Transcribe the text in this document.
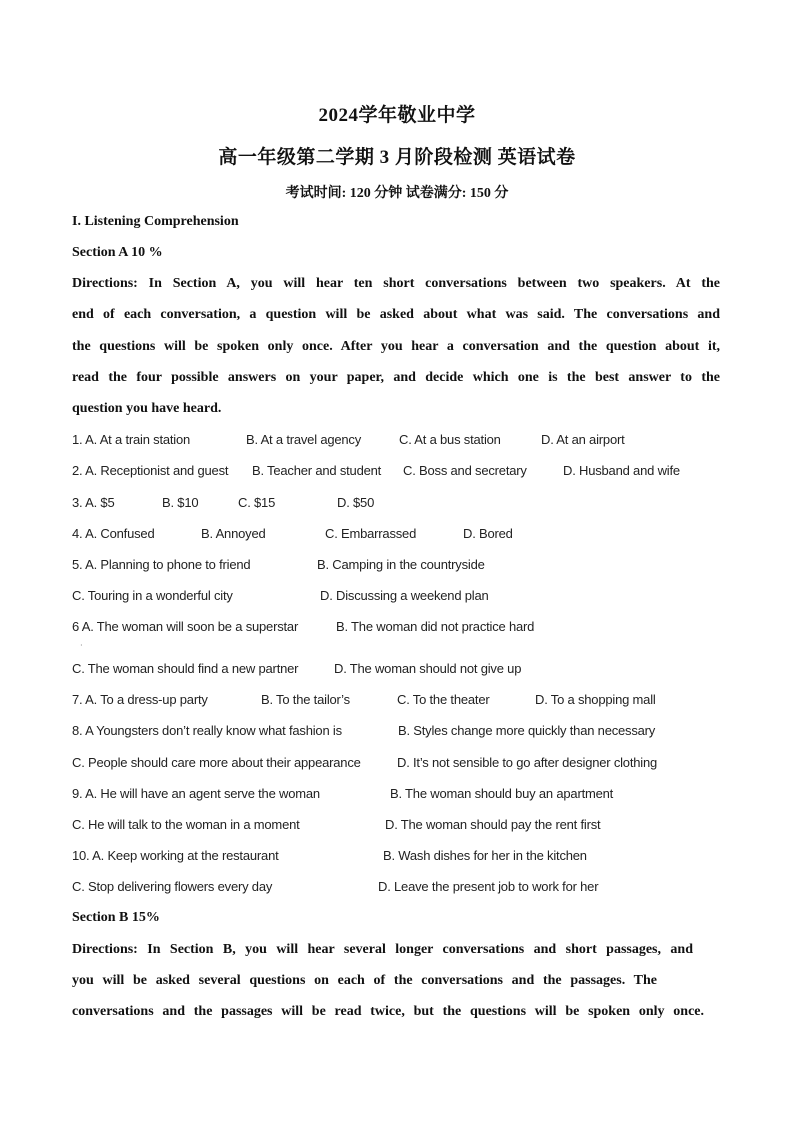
2024学年敬业中学
高一年级第二学期 3 月阶段检测 英语试卷
考试时间: 120 分钟 试卷满分: 150 分
I. Listening Comprehension
Section A 10 %
Directions: In Section A, you will hear ten short conversations between two speakers. At the
end of each conversation, a question will be asked about what was said. The conversations and
the questions will be spoken only once. After you hear a conversation and the question about it,
read the four possible answers on your paper, and decide which one is the best answer to the
question you have heard.
1. A. At a train station	B. At a travel agency	C. At a bus station	D. At an airport
2. A. Receptionist and guest B. Teacher and student C. Boss and secretary	D. Husband and wife
3. A. $5	B. $10	C. $15	D. $50
4. A. Confused	B. Annoyed	C. Embarrassed	D. Bored
5. A. Planning to phone to friend	B. Camping in the countryside
C. Touring in a wonderful city	D. Discussing a weekend plan
6 A. The woman will soon be a superstar	B. The woman did not practice hard
·
C. The woman should find a new partner	D. The woman should not give up
7. A. To a dress-up party	B. To the tailor’s	C. To the theater	D. To a shopping mall
8. A Youngsters don’t really know what fashion is	B. Styles change more quickly than necessary
C. People should care more about their appearance	D. It’s not sensible to go after designer clothing
9. A. He will have an agent serve the woman	B. The woman should buy an apartment
C. He will talk to the woman in a moment	D. The woman should pay the rent first
10. A. Keep working at the restaurant	B. Wash dishes for her in the kitchen
C. Stop delivering flowers every day	D. Leave the present job to work for her
Section B 15%
Directions: In Section B, you will hear several longer conversations and short passages, and
you will be asked several questions on each of the conversations and the passages. The
conversations and the passages will be read twice, but the questions will be spoken only once.
